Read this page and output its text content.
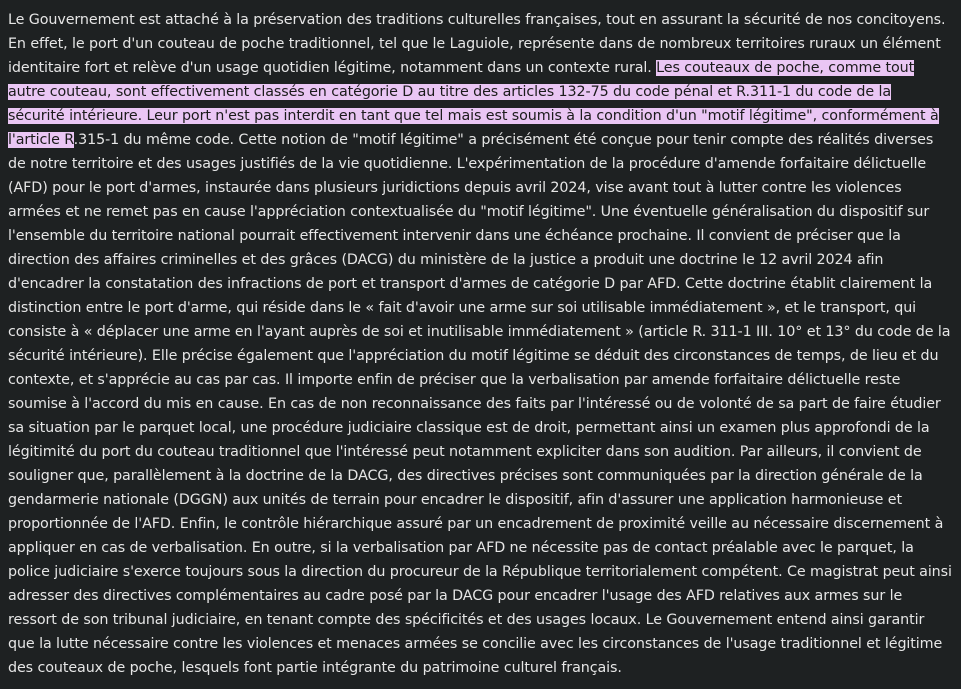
Le Gouvernement est attaché à la préservation des traditions culturelles françaises, tout en assurant la sécurité de nos concitoyens. En effet, le port d'un couteau de poche traditionnel, tel que le Laguiole, représente dans de nombreux territoires ruraux un élément identitaire fort et relève d'un usage quotidien légitime, notamment dans un contexte rural. Les couteaux de poche, comme tout autre couteau, sont effectivement classés en catégorie D au titre des articles 132-75 du code pénal et R.311-1 du code de la sécurité intérieure. Leur port n'est pas interdit en tant que tel mais est soumis à la condition d'un "motif légitime", conformément à l'article R.315-1 du même code. Cette notion de "motif légitime" a précisément été conçue pour tenir compte des réalités diverses de notre territoire et des usages justifiés de la vie quotidienne. L'expérimentation de la procédure d'amende forfaitaire délictuelle (AFD) pour le port d'armes, instaurée dans plusieurs juridictions depuis avril 2024, vise avant tout à lutter contre les violences armées et ne remet pas en cause l'appréciation contextualisée du "motif légitime". Une éventuelle généralisation du dispositif sur l'ensemble du territoire national pourrait effectivement intervenir dans une échéance prochaine. Il convient de préciser que la direction des affaires criminelles et des grâces (DACG) du ministère de la justice a produit une doctrine le 12 avril 2024 afin d'encadrer la constatation des infractions de port et transport d'armes de catégorie D par AFD. Cette doctrine établit clairement la distinction entre le port d'arme, qui réside dans le « fait d'avoir une arme sur soi utilisable immédiatement », et le transport, qui consiste à « déplacer une arme en l'ayant auprès de soi et inutilisable immédiatement » (article R. 311-1 III. 10° et 13° du code de la sécurité intérieure). Elle précise également que l'appréciation du motif légitime se déduit des circonstances de temps, de lieu et du contexte, et s'apprécie au cas par cas. Il importe enfin de préciser que la verbalisation par amende forfaitaire délictuelle reste soumise à l'accord du mis en cause. En cas de non reconnaissance des faits par l'intéressé ou de volonté de sa part de faire étudier sa situation par le parquet local, une procédure judiciaire classique est de droit, permettant ainsi un examen plus approfondi de la légitimité du port du couteau traditionnel que l'intéressé peut notamment expliciter dans son audition. Par ailleurs, il convient de souligner que, parallèlement à la doctrine de la DACG, des directives précises sont communiquées par la direction générale de la gendarmerie nationale (DGGN) aux unités de terrain pour encadrer le dispositif, afin d'assurer une application harmonieuse et proportionnée de l'AFD. Enfin, le contrôle hiérarchique assuré par un encadrement de proximité veille au nécessaire discernement à appliquer en cas de verbalisation. En outre, si la verbalisation par AFD ne nécessite pas de contact préalable avec le parquet, la police judiciaire s'exerce toujours sous la direction du procureur de la République territorialement compétent. Ce magistrat peut ainsi adresser des directives complémentaires au cadre posé par la DACG pour encadrer l'usage des AFD relatives aux armes sur le ressort de son tribunal judiciaire, en tenant compte des spécificités et des usages locaux. Le Gouvernement entend ainsi garantir que la lutte nécessaire contre les violences et menaces armées se concilie avec les circonstances de l'usage traditionnel et légitime des couteaux de poche, lesquels font partie intégrante du patrimoine culturel français.
